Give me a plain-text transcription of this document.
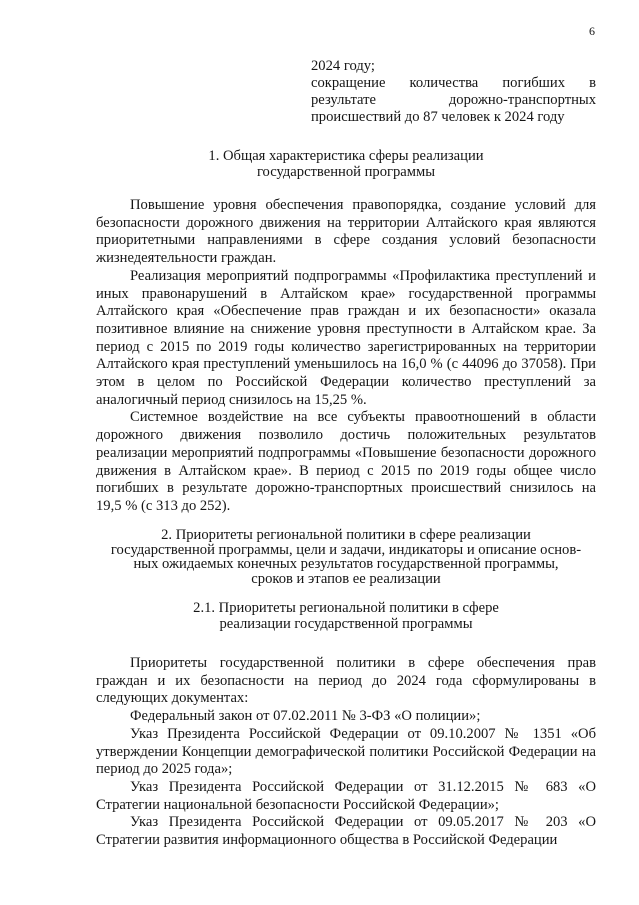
6

2024 году;

сокращение количества погибших в результате дорожно-транспортных происшествий до 87 человек к 2024 году

1. Общая характеристика сферы реализации
государственной программы

Повышение уровня обеспечения правопорядка, создание условий для безопасности дорожного движения на территории Алтайского края являются приоритетными направлениями в сфере создания условий безопасности жизнедеятельности граждан.

Реализация мероприятий подпрограммы «Профилактика преступлений и иных правонарушений в Алтайском крае» государственной программы Алтайского края «Обеспечение прав граждан и их безопасности» оказала позитивное влияние на снижение уровня преступности в Алтайском крае. За период с 2015 по 2019 годы количество зарегистрированных на территории Алтайского края преступлений уменьшилось на 16,0 % (с 44096 до 37058). При этом в целом по Российской Федерации количество преступлений за аналогичный период снизилось на 15,25 %.

Системное воздействие на все субъекты правоотношений в области дорожного движения позволило достичь положительных результатов реализации мероприятий подпрограммы «Повышение безопасности дорожного движения в Алтайском крае». В период с 2015 по 2019 годы общее число погибших в результате дорожно-транспортных происшествий снизилось на 19,5 % (с 313 до 252).

2. Приоритеты региональной политики в сфере реализации
государственной программы, цели и задачи, индикаторы и описание основ-
ных ожидаемых конечных результатов государственной программы,
сроков и этапов ее реализации
2.1. Приоритеты региональной политики в сфере
реализации государственной программы

Приоритеты государственной политики в сфере обеспечения прав граждан и их безопасности на период до 2024 года сформулированы в следующих документах:

Федеральный закон от 07.02.2011 № 3-ФЗ «О полиции»;

Указ Президента Российской Федерации от 09.10.2007 № 1351 «Об утверждении Концепции демографической политики Российской Федерации на период до 2025 года»;

Указ Президента Российской Федерации от 31.12.2015 № 683 «О Стратегии национальной безопасности Российской Федерации»;

Указ Президента Российской Федерации от 09.05.2017 № 203 «О Стратегии развития информационного общества в Российской Федерации
